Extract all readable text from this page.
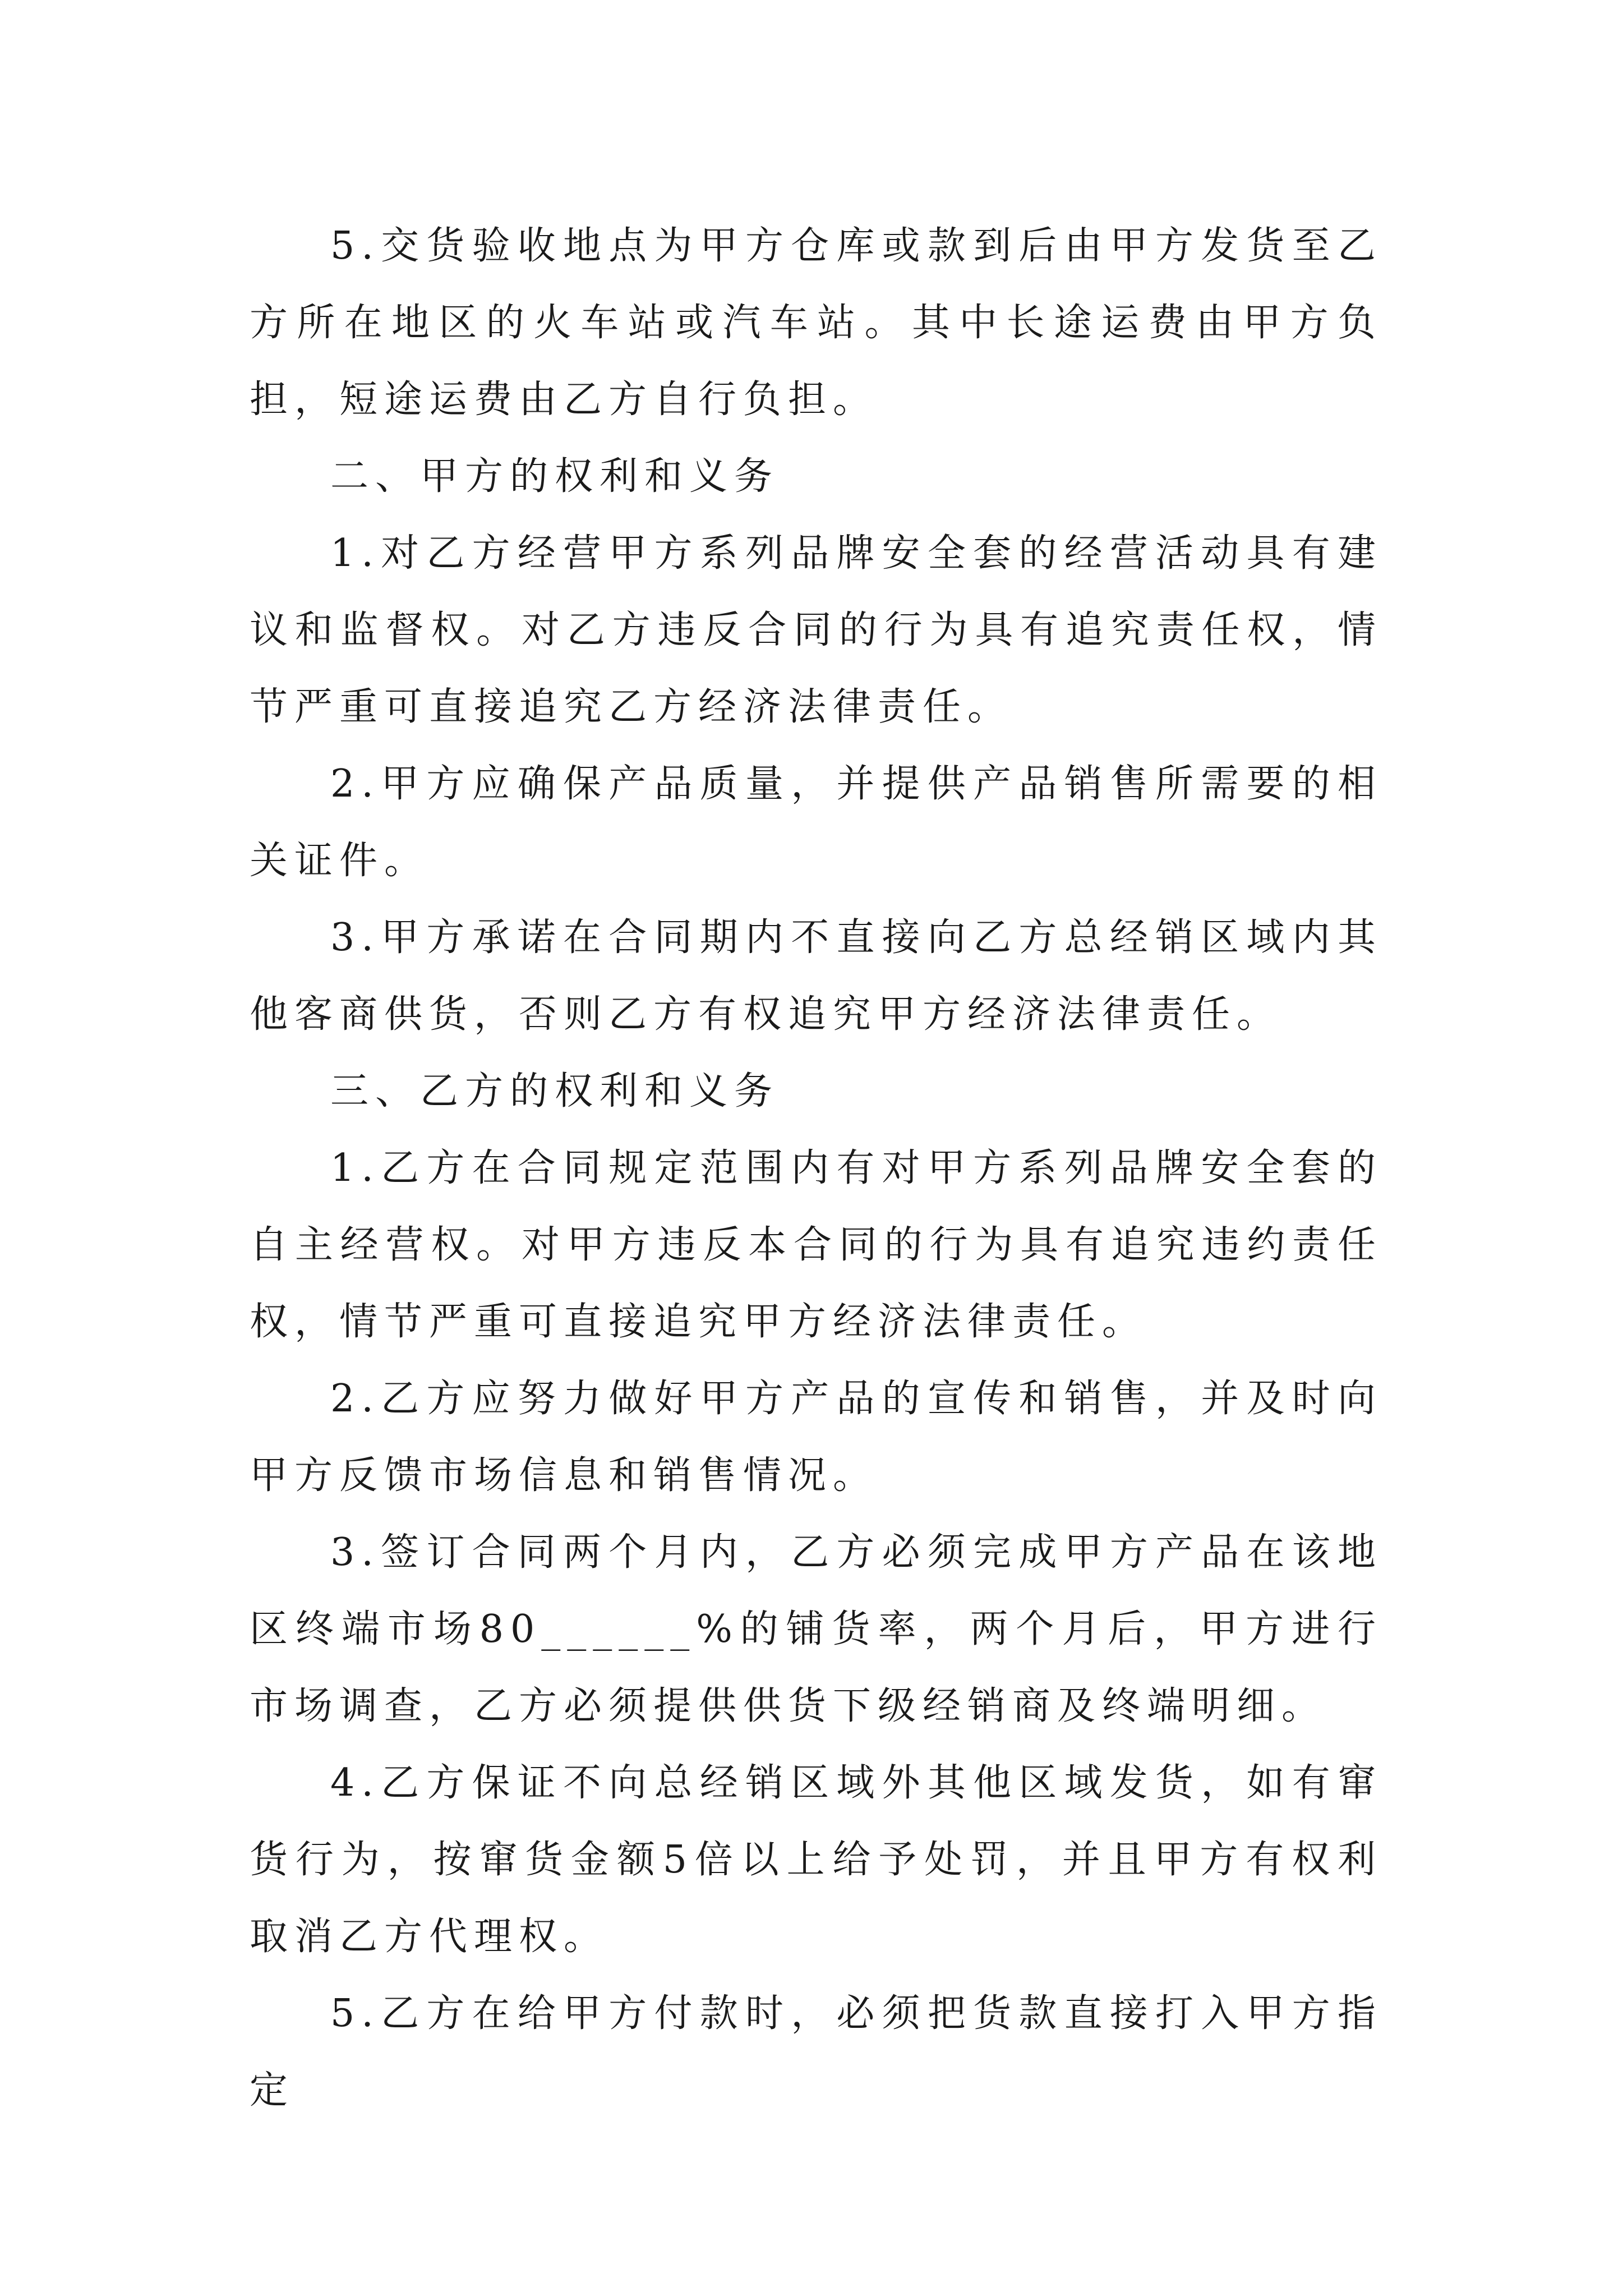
5.交货验收地点为甲方仓库或款到后由甲方发货至乙方所在地区的火车站或汽车站。其中长途运费由甲方负担，短途运费由乙方自行负担。

二、甲方的权利和义务

1.对乙方经营甲方系列品牌安全套的经营活动具有建议和监督权。对乙方违反合同的行为具有追究责任权，情节严重可直接追究乙方经济法律责任。

2.甲方应确保产品质量，并提供产品销售所需要的相关证件。

3.甲方承诺在合同期内不直接向乙方总经销区域内其他客商供货，否则乙方有权追究甲方经济法律责任。

三、乙方的权利和义务

1.乙方在合同规定范围内有对甲方系列品牌安全套的自主经营权。对甲方违反本合同的行为具有追究违约责任权，情节严重可直接追究甲方经济法律责任。

2.乙方应努力做好甲方产品的宣传和销售，并及时向甲方反馈市场信息和销售情况。

3.签订合同两个月内，乙方必须完成甲方产品在该地区终端市场80______%的铺货率，两个月后，甲方进行市场调查，乙方必须提供供货下级经销商及终端明细。

4.乙方保证不向总经销区域外其他区域发货，如有窜货行为，按窜货金额5倍以上给予处罚，并且甲方有权利取消乙方代理权。

5.乙方在给甲方付款时，必须把货款直接打入甲方指定
